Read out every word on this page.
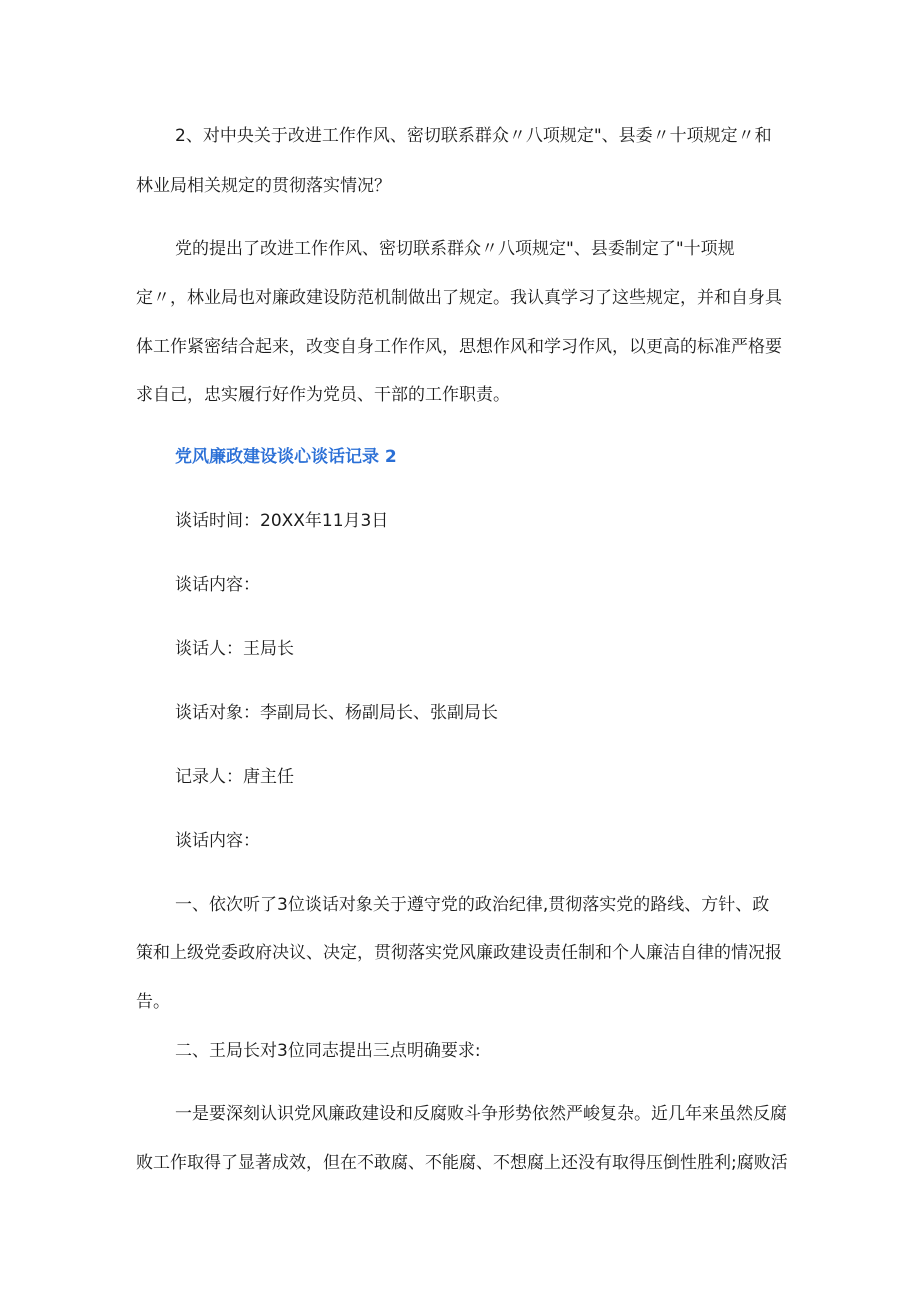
2、对中央关于改进工作作风、密切联系群众〃八项规定"、县委〃十项规定〃和

林业局相关规定的贯彻落实情况？

党的提出了改进工作作风、密切联系群众〃八项规定"、县委制定了"十项规

定〃，林业局也对廉政建设防范机制做出了规定。我认真学习了这些规定，并和自身具

体工作紧密结合起来，改变自身工作作风，思想作风和学习作风，以更高的标准严格要

求自己，忠实履行好作为党员、干部的工作职责。

党风廉政建设谈心谈话记录 2

谈话时间：20XX年11月3日

谈话内容：

谈话人：王局长

谈话对象：李副局长、杨副局长、张副局长

记录人：唐主任

谈话内容：

一、依次听了3位谈话对象关于遵守党的政治纪律,贯彻落实党的路线、方针、政

策和上级党委政府决议、决定，贯彻落实党风廉政建设责任制和个人廉洁自律的情况报

告。

二、王局长对3位同志提出三点明确要求:

一是要深刻认识党风廉政建设和反腐败斗争形势依然严峻复杂。近几年来虽然反腐

败工作取得了显著成效，但在不敢腐、不能腐、不想腐上还没有取得压倒性胜利;腐败活
